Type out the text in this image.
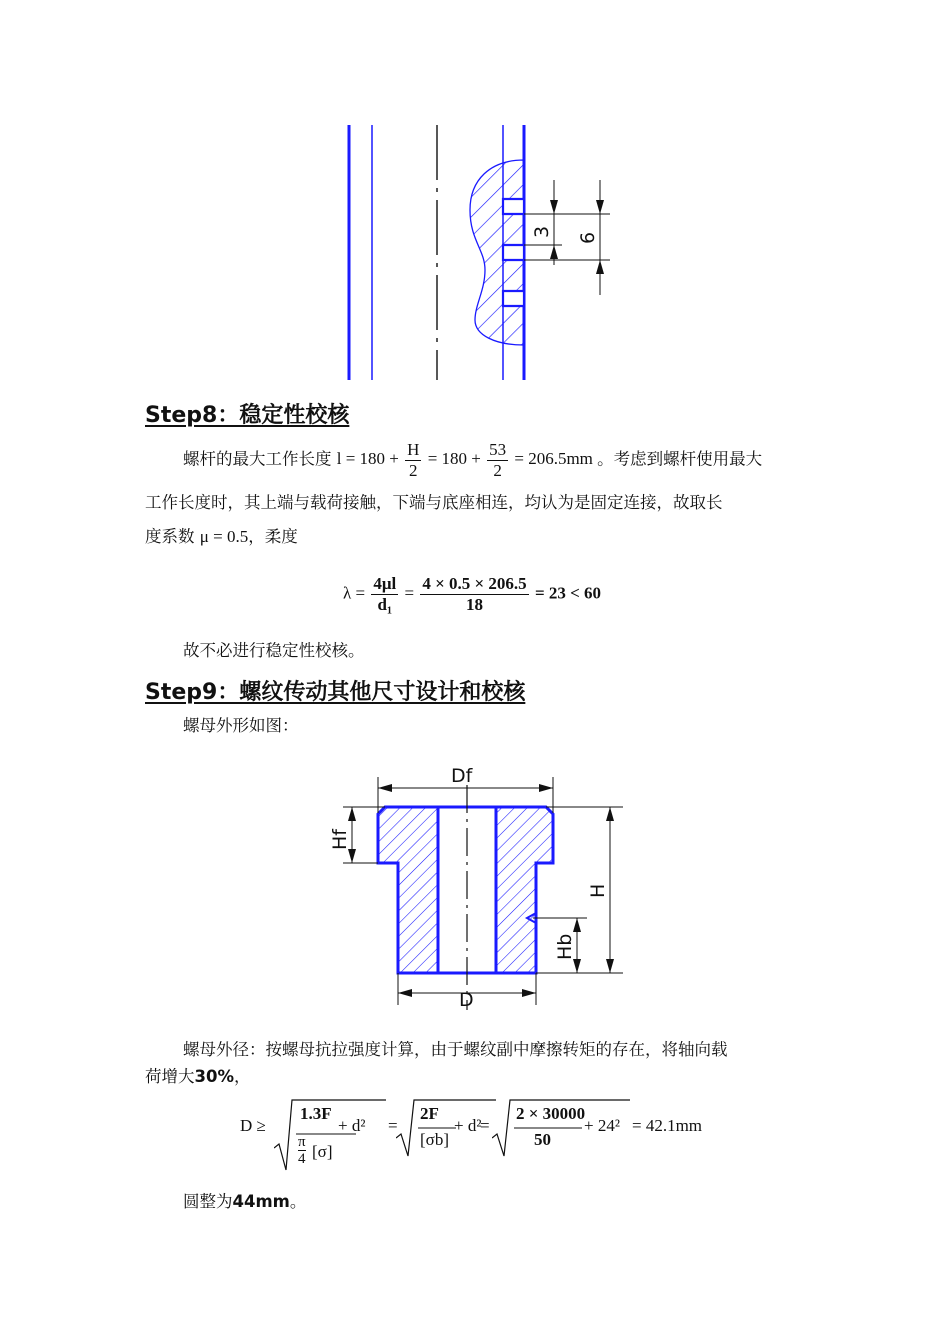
3 6
Step8：稳定性校核
螺杆的最大工作长度 $l = 180 + \frac{H}{2} = 180 + \frac{53}{2} = 206.5mm$ 。考虑到螺杆使用最大
工作长度时，其上端与载荷接触，下端与底座相连，均认为是固定连接，故取长
度系数 μ = 0.5，柔度
$\lambda = \frac{4\mu l}{\text{d₁}} = \frac{4 \times 0.5 \times 206.5}{18} = 23 < 60$
故不必进行稳定性校核。
Step9：螺纹传动其他尺寸设计和校核
螺母外形如图：
Df
Hf
H
Hb
D
螺母外径：按螺母抗拉强度计算，由于螺纹副中摩擦转矩的存在，将轴向载
荷增大30%，
D ≥
1.3F
π
4 [σ]
+ d² =
2F
[σb]
+ d²
=
2 × 30000
50
+ 24² = 42.1mm
圆整为44mm。
